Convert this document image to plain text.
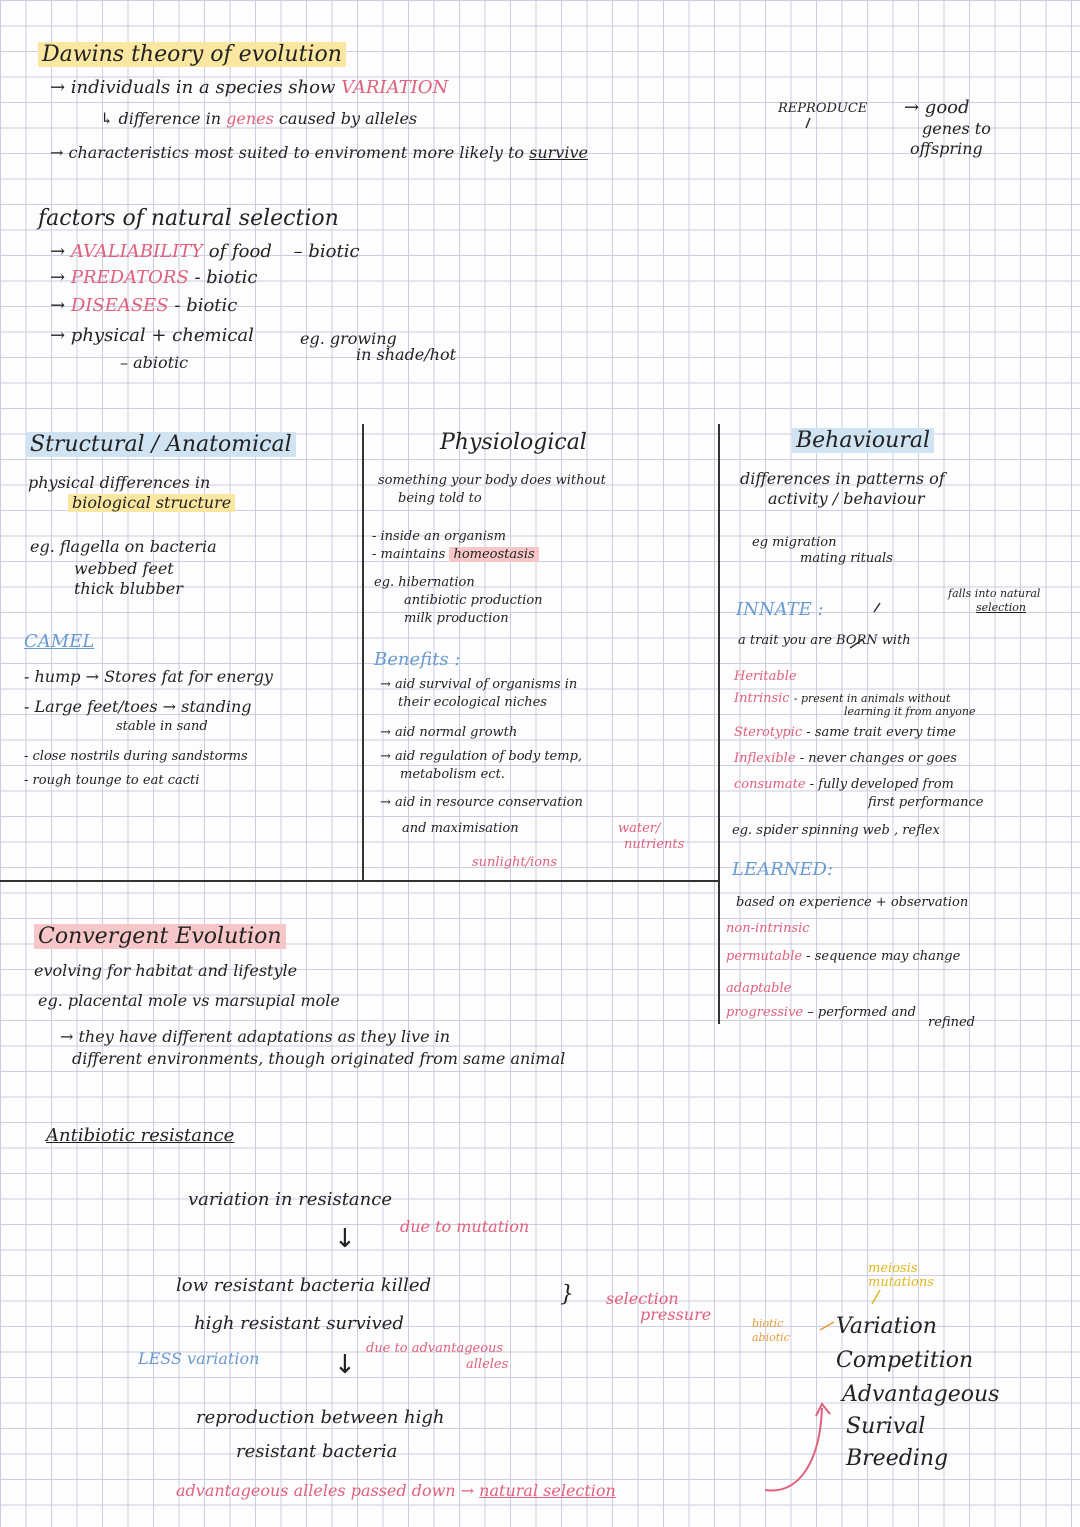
Dawins theory of evolution
→ individuals in a species show VARIATION
↳ difference in genes caused by alleles
→ characteristics most suited to enviroment more likely to survive
REPRODUCE → good
genes to
offspring
factors of natural selection
→ AVALIABILITY of food – biotic
→ PREDATORS - biotic
→ DISEASES - biotic
→ physical + chemical	eg. growing
in shade/hot
– abiotic
Structural / Anatomical
physical differences in
biological structure
eg. flagella on bacteria
webbed feet
thick blubber
CAMEL
- hump → Stores fat for energy
- Large feet/toes → standing
stable in sand
- close nostrils during sandstorms
- rough tounge to eat cacti
Physiological
something your body does without
being told to
- inside an organism
- maintains homeostasis
eg. hibernation
antibiotic production
milk production
Benefits :
→ aid survival of organisms in
their ecological niches
→ aid normal growth
→ aid regulation of body temp,
metabolism ect.
→ aid in resource conservation
and maximisation	water/
nutrients
sunlight/ions
Behavioural
differences in patterns of
activity / behaviour
eg migration
mating rituals
INNATE :
falls into natural
selection
a trait you are BORN with
Heritable
Intrinsic - present in animals without
learning it from anyone
Sterotypic - same trait every time
Inflexible - never changes or goes
consumate - fully developed from
first performance
eg. spider spinning web , reflex
LEARNED:
based on experience + observation
non-intrinsic
permutable - sequence may change
adaptable
progressive – performed and
refined
Convergent Evolution
evolving for habitat and lifestyle
eg. placental mole vs marsupial mole
→ they have different adaptations as they live in
different environments, though originated from same animal
Antibiotic resistance
variation in resistance
due to mutation
↓
low resistant bacteria killed
high resistant survived
} selection
pressure
due to advantageous
alleles
LESS variation	↓
reproduction between high
resistant bacteria
advantageous alleles passed down → natural selection
meiosis
mutations
biotic
abiotic Variation
Competition
Advantageous
Surival
Breeding
